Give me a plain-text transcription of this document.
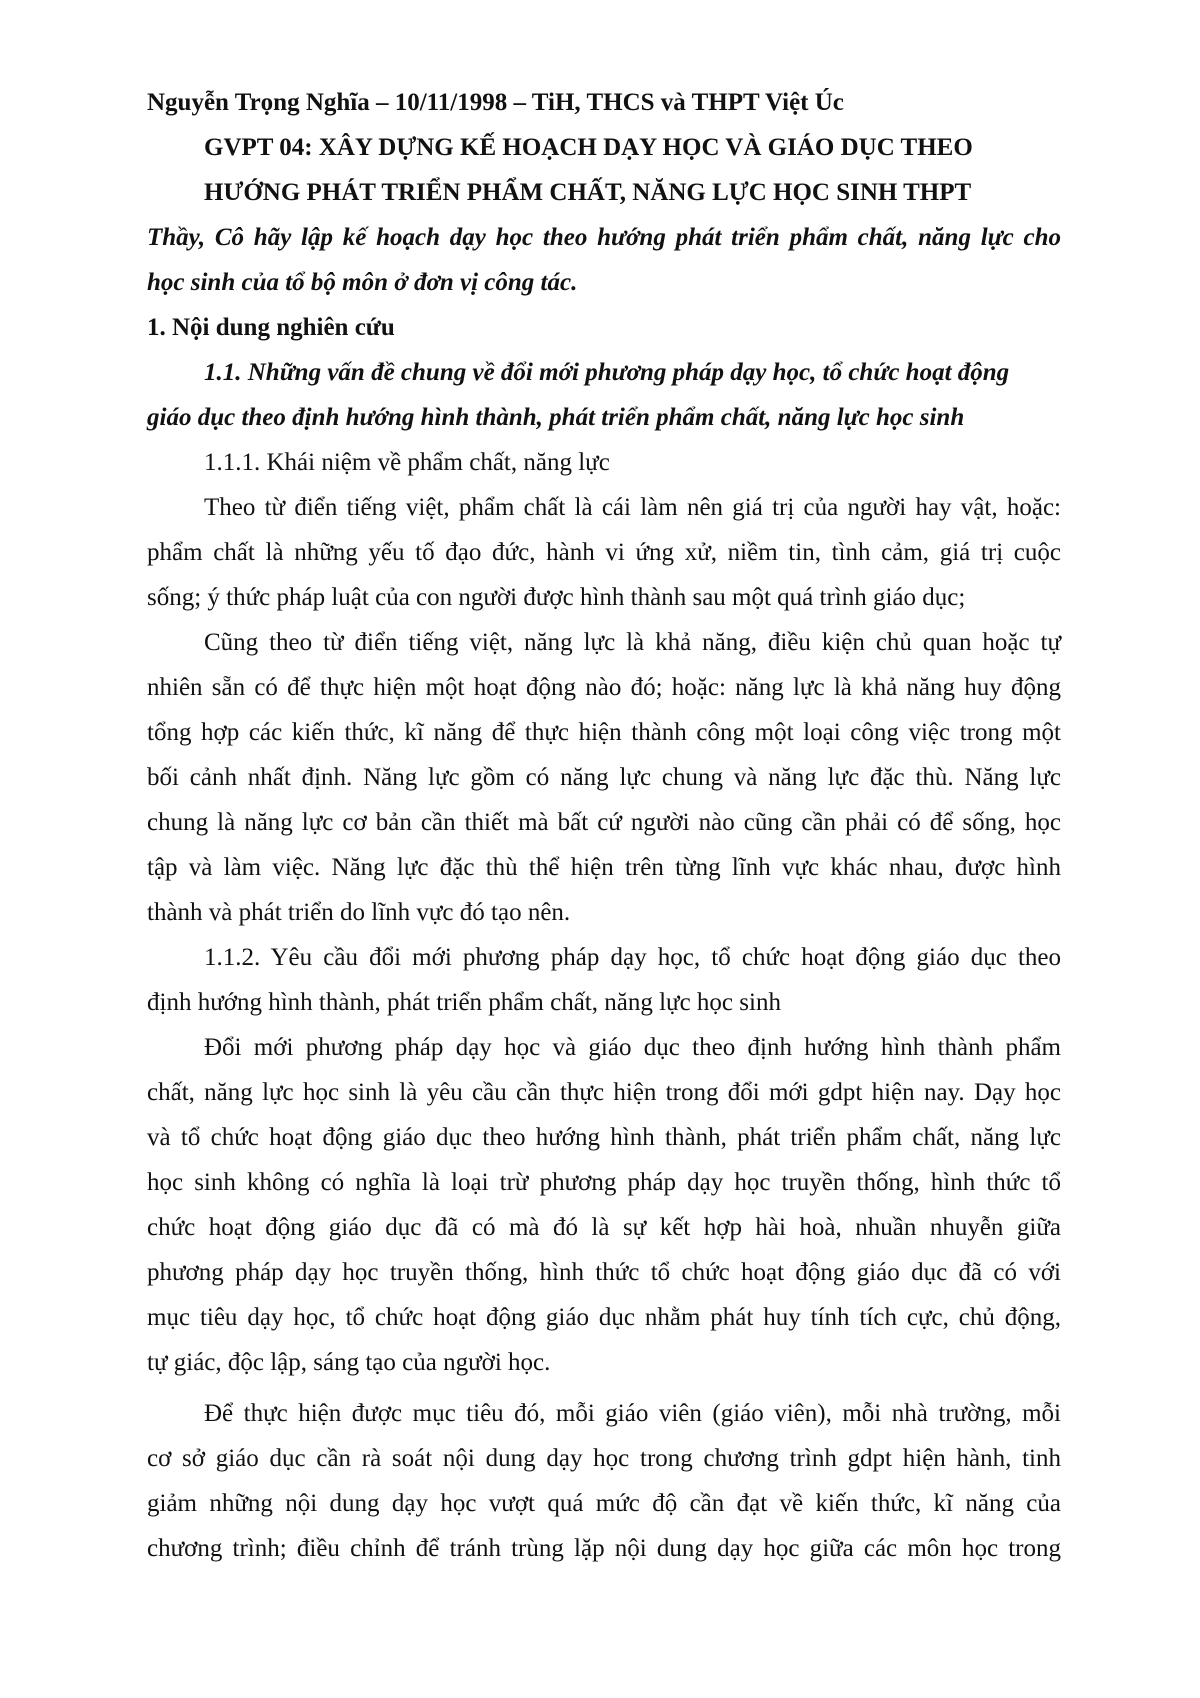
Nguyễn Trọng Nghĩa – 10/11/1998 – TiH, THCS và THPT Việt Úc

GVPT 04: XÂY DỰNG KẾ HOẠCH DẠY HỌC VÀ GIÁO DỤC THEO

HƯỚNG PHÁT TRIỂN PHẨM CHẤT, NĂNG LỰC HỌC SINH THPT

Thầy, Cô hãy lập kế hoạch dạy học theo hướng phát triển phẩm chất, năng lực cho

học sinh của tổ bộ môn ở đơn vị công tác.

1. Nội dung nghiên cứu

1.1. Những vấn đề chung về đổi mới phương pháp dạy học, tổ chức hoạt động

giáo dục theo định hướng hình thành, phát triển phẩm chất, năng lực học sinh

1.1.1. Khái niệm về phẩm chất, năng lực

Theo từ điển tiếng việt, phẩm chất là cái làm nên giá trị của người hay vật, hoặc:

phẩm chất là những yếu tố đạo đức, hành vi ứng xử, niềm tin, tình cảm, giá trị cuộc

sống; ý thức pháp luật của con người được hình thành sau một quá trình giáo dục;

Cũng theo từ điển tiếng việt, năng lực là khả năng, điều kiện chủ quan hoặc tự

nhiên sẵn có để thực hiện một hoạt động nào đó; hoặc: năng lực là khả năng huy động

tổng hợp các kiến thức, kĩ năng để thực hiện thành công một loại công việc trong một

bối cảnh nhất định. Năng lực gồm có năng lực chung và năng lực đặc thù. Năng lực

chung là năng lực cơ bản cần thiết mà bất cứ người nào cũng cần phải có để sống, học

tập và làm việc. Năng lực đặc thù thể hiện trên từng lĩnh vực khác nhau, được hình

thành và phát triển do lĩnh vực đó tạo nên.

1.1.2. Yêu cầu đổi mới phương pháp dạy học, tổ chức hoạt động giáo dục theo

định hướng hình thành, phát triển phẩm chất, năng lực học sinh

Đổi mới phương pháp dạy học và giáo dục theo định hướng hình thành phẩm

chất, năng lực học sinh là yêu cầu cần thực hiện trong đổi mới gdpt hiện nay. Dạy học

và tổ chức hoạt động giáo dục theo hướng hình thành, phát triển phẩm chất, năng lực

học sinh không có nghĩa là loại trừ phương pháp dạy học truyền thống, hình thức tổ

chức hoạt động giáo dục đã có mà đó là sự kết hợp hài hoà, nhuần nhuyễn giữa

phương pháp dạy học truyền thống, hình thức tổ chức hoạt động giáo dục đã có với

mục tiêu dạy học, tổ chức hoạt động giáo dục nhằm phát huy tính tích cực, chủ động,

tự giác, độc lập, sáng tạo của người học.

Để thực hiện được mục tiêu đó, mỗi giáo viên (giáo viên), mỗi nhà trường, mỗi

cơ sở giáo dục cần rà soát nội dung dạy học trong chương trình gdpt hiện hành, tinh

giảm những nội dung dạy học vượt quá mức độ cần đạt về kiến thức, kĩ năng của

chương trình; điều chỉnh để tránh trùng lặp nội dung dạy học giữa các môn học trong
